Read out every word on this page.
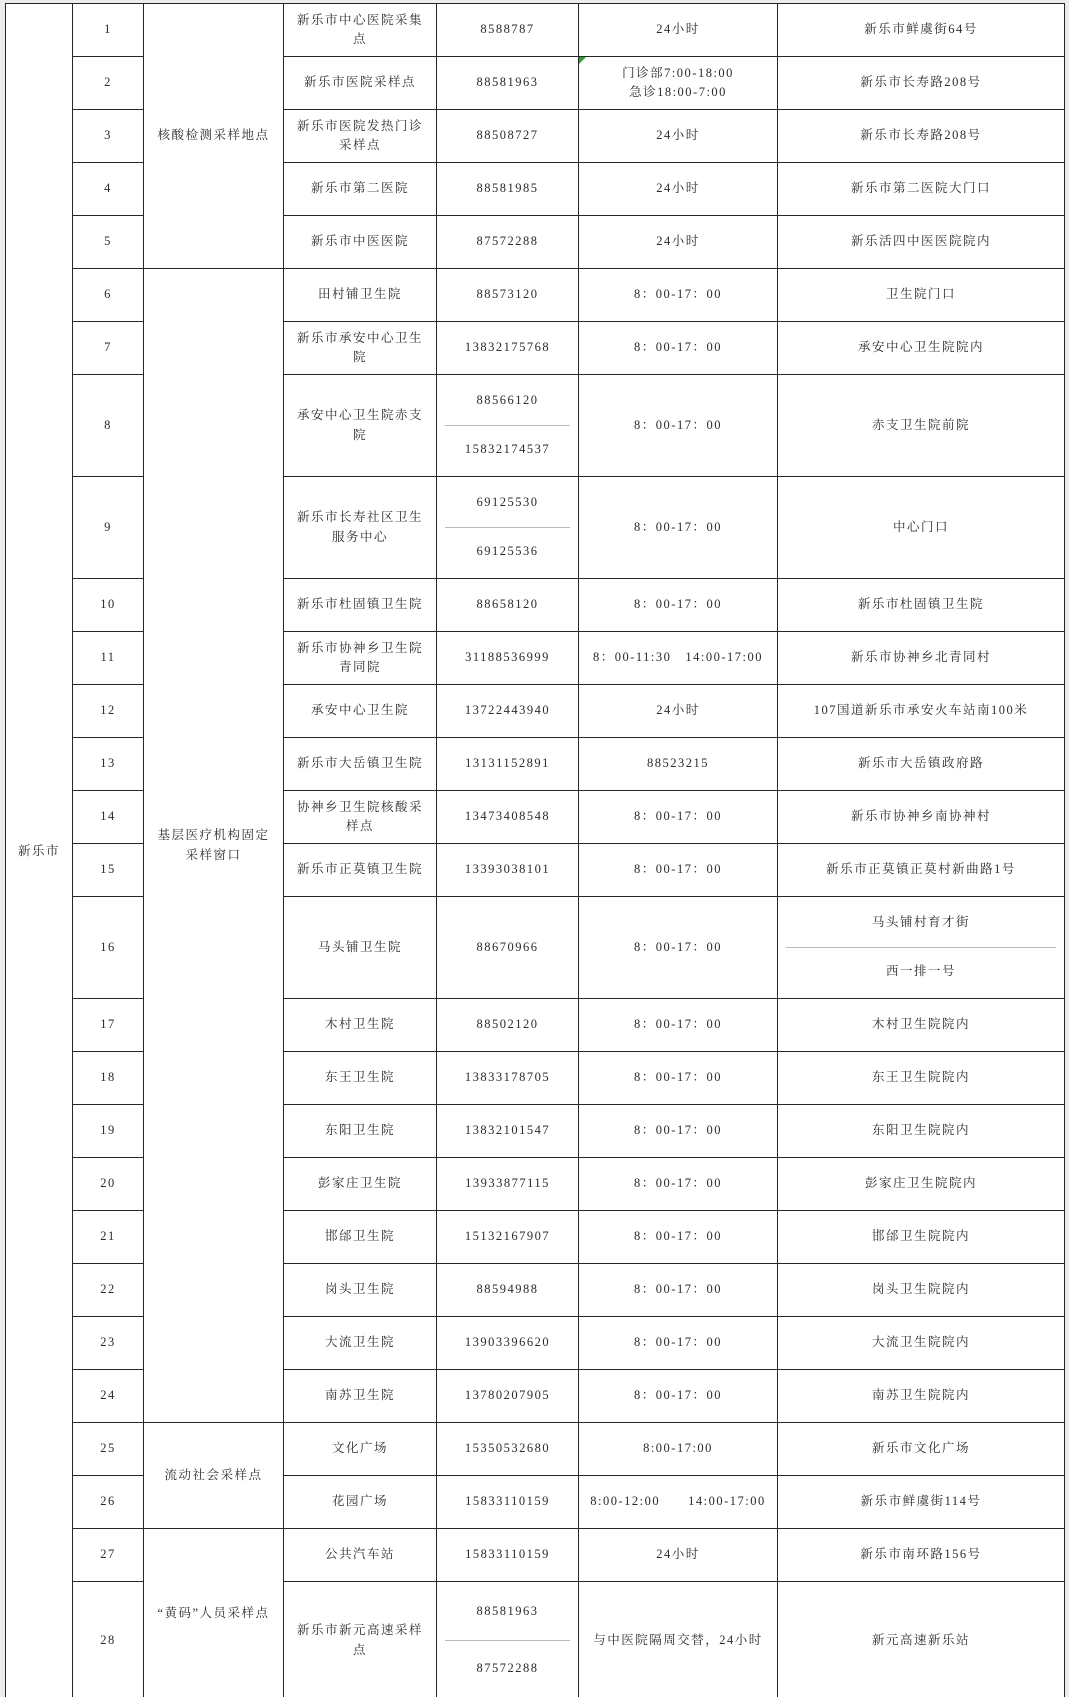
新乐市	1	核酸检测采样地点	新乐市中心医院采集点	8588787	24小时	新乐市鲜虞街64号
	2		新乐市医院采样点	88581963	门诊部7:00-18:00
急诊18:00-7:00	新乐市长寿路208号
	3		新乐市医院发热门诊采样点	88508727	24小时	新乐市长寿路208号
	4		新乐市第二医院	88581985	24小时	新乐市第二医院大门口
	5		新乐市中医医院	87572288	24小时	新乐活四中医医院院内
	6	基层医疗机构固定采样窗口	田村铺卫生院	88573120	8：00-17：00	卫生院门口
	7		新乐市承安中心卫生院	13832175768	8：00-17：00	承安中心卫生院院内
	8		承安中心卫生院赤支院	88566120
15832174537	8：00-17：00	赤支卫生院前院
	9		新乐市长寿社区卫生服务中心	69125530
69125536	8：00-17：00	中心门口
	10		新乐市杜固镇卫生院	88658120	8：00-17：00	新乐市杜固镇卫生院
	11		新乐市协神乡卫生院青同院	31188536999	8：00-11:30　14:00-17:00	新乐市协神乡北青同村
	12		承安中心卫生院	13722443940	24小时	107国道新乐市承安火车站南100米
	13		新乐市大岳镇卫生院	13131152891	88523215	新乐市大岳镇政府路
	14		协神乡卫生院核酸采样点	13473408548	8：00-17：00	新乐市协神乡南协神村
	15		新乐市正莫镇卫生院	13393038101	8：00-17：00	新乐市正莫镇正莫村新曲路1号
	16		马头铺卫生院	88670966	8：00-17：00	马头铺村育才街
西一排一号

	17		木村卫生院	88502120	8：00-17：00	木村卫生院院内
	18		东王卫生院	13833178705	8：00-17：00	东王卫生院院内
	19		东阳卫生院	13832101547	8：00-17：00	东阳卫生院院内
	20		彭家庄卫生院	13933877115	8：00-17：00	彭家庄卫生院院内
	21		邯邰卫生院	15132167907	8：00-17：00	邯邰卫生院院内
	22		岗头卫生院	88594988	8：00-17：00	岗头卫生院院内
	23		大流卫生院	13903396620	8：00-17：00	大流卫生院院内
	24		南苏卫生院	13780207905	8：00-17：00	南苏卫生院院内
	25	流动社会采样点	文化广场	15350532680	8:00-17:00	新乐市文化广场
	26		花园广场	15833110159	8:00-12:00　　14:00-17:00	新乐市鲜虞街114号
	27	“黄码”人员采样点	公共汽车站	15833110159	24小时	新乐市南环路156号
	28		新乐市新元高速采样点	88581963
87572288	与中医院隔周交替，24小时	新元高速新乐站
